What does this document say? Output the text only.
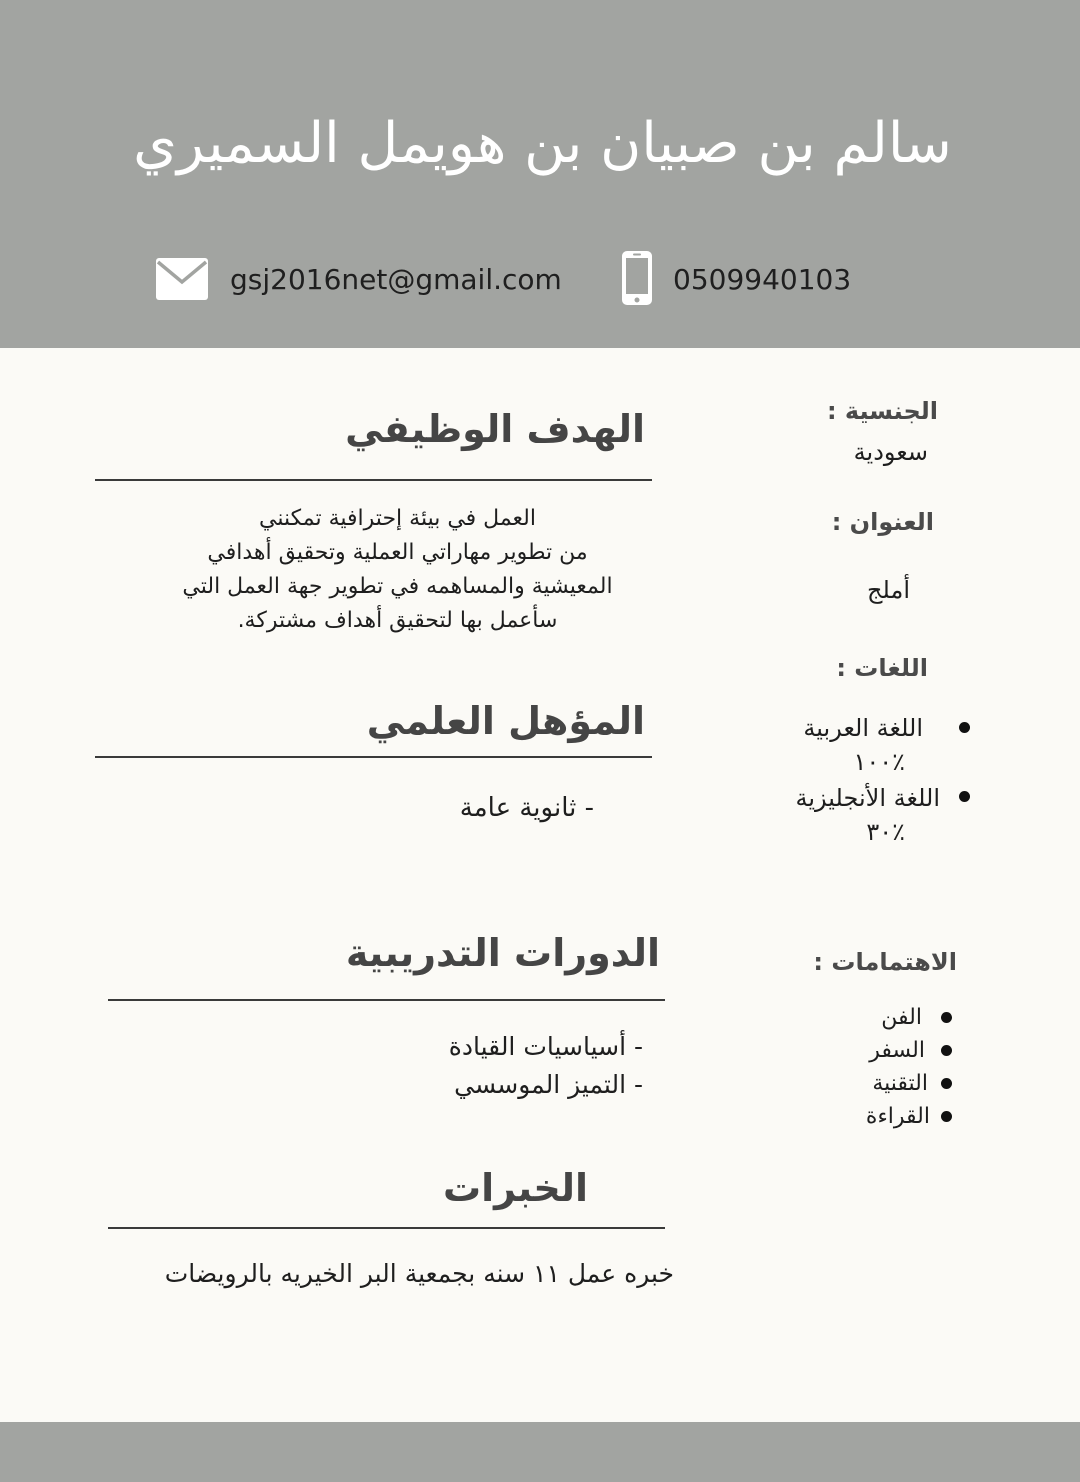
سالم بن صبيان بن هويمل السميري
gsj2016net@gmail.com	0509940103
الجنسية :
سعودية
العنوان :
أملج
اللغات :
اللغة العربية
٪١٠٠
اللغة الأنجليزية
٪٣٠
الاهتمامات :
الفن
السفر
التقنية
القراءة
الهدف الوظيفي
العمل في بيئة إحترافية تمكنني
من تطوير مهاراتي العملية وتحقيق أهدافي
المعيشية والمساهمه في تطوير جهة العمل التي
سأعمل بها لتحقيق أهداف مشتركة.
المؤهل العلمي
- ثانوية عامة
الدورات التدريبية
- أسياسيات القيادة
- التميز الموسسي
الخبرات
خبره عمل ١١ سنه بجمعية البر الخيريه بالرويضات
